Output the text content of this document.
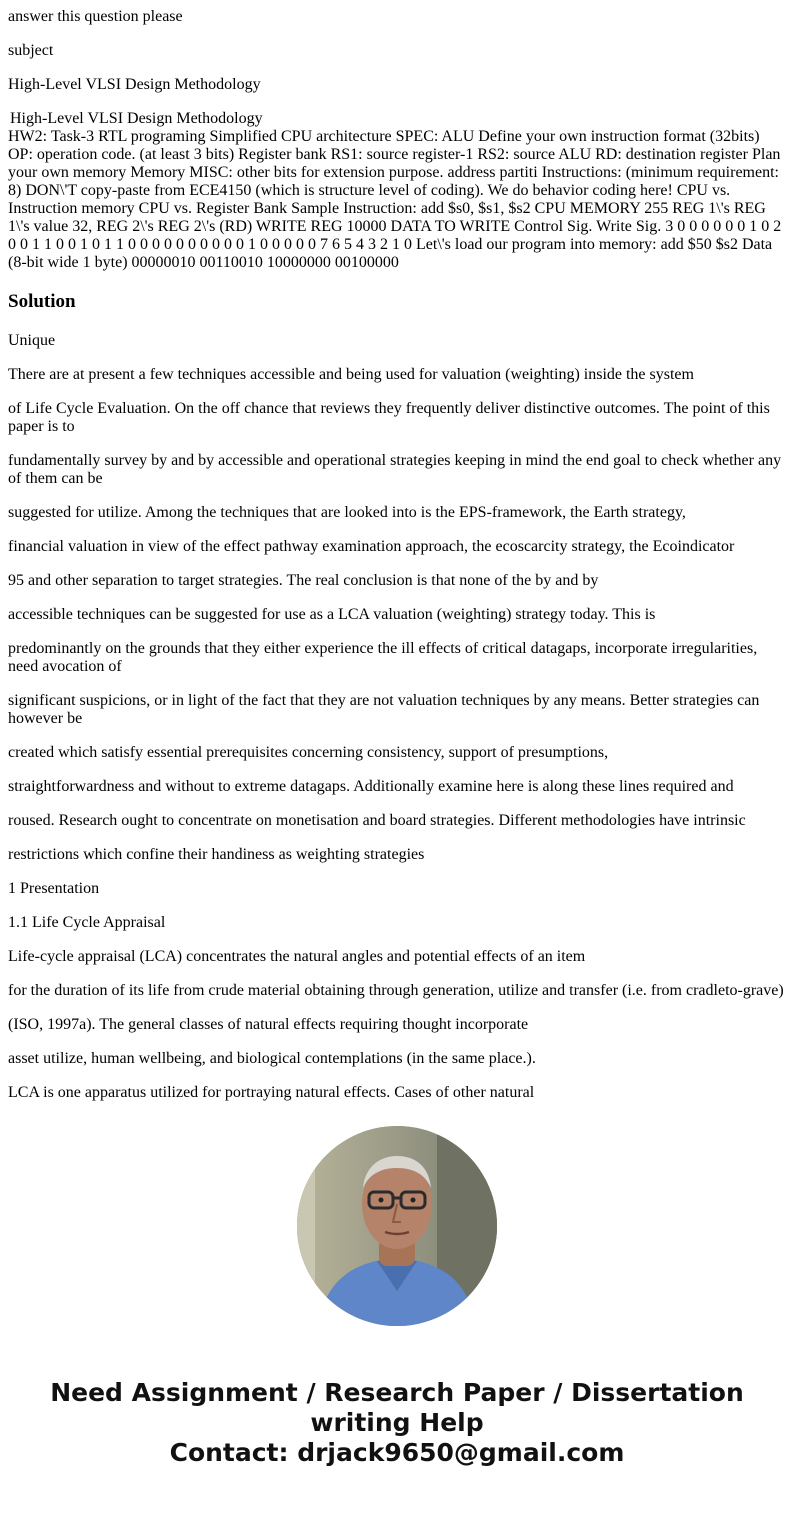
answer this question please

subject

High-Level VLSI Design Methodology

High-Level VLSI Design Methodology

HW2: Task-3 RTL programing Simplified CPU architecture SPEC: ALU Define your own instruction format (32bits) OP: operation code. (at least 3 bits) Register bank RS1: source register-1 RS2: source ALU RD: destination register Plan your own memory Memory MISC: other bits for extension purpose. address partiti Instructions: (minimum requirement: 8) DON\'T copy-paste from ECE4150 (which is structure level of coding). We do behavior coding here! CPU vs. Instruction memory CPU vs. Register Bank Sample Instruction: add $s0, $s1, $s2 CPU MEMORY 255 REG 1\'s REG 1\'s value 32, REG 2\'s REG 2\'s (RD) WRITE REG 10000 DATA TO WRITE Control Sig. Write Sig. 3 0 0 0 0 0 0 1 0 2 0 0 1 1 0 0 1 0 1 1 0 0 0 0 0 0 0 0 0 0 1 0 0 0 0 0 7 6 5 4 3 2 1 0 Let\'s load our program into memory: add $50 $s2 Data (8-bit wide 1 byte) 00000010 00110010 10000000 00100000

Solution

Unique

There are at present a few techniques accessible and being used for valuation (weighting) inside the system

of Life Cycle Evaluation. On the off chance that reviews they frequently deliver distinctive outcomes. The point of this paper is to

fundamentally survey by and by accessible and operational strategies keeping in mind the end goal to check whether any of them can be

suggested for utilize. Among the techniques that are looked into is the EPS-framework, the Earth strategy,

financial valuation in view of the effect pathway examination approach, the ecoscarcity strategy, the Ecoindicator

95 and other separation to target strategies. The real conclusion is that none of the by and by

accessible techniques can be suggested for use as a LCA valuation (weighting) strategy today. This is

predominantly on the grounds that they either experience the ill effects of critical datagaps, incorporate irregularities, need avocation of

significant suspicions, or in light of the fact that they are not valuation techniques by any means. Better strategies can however be

created which satisfy essential prerequisites concerning consistency, support of presumptions,

straightforwardness and without to extreme datagaps. Additionally examine here is along these lines required and

roused. Research ought to concentrate on monetisation and board strategies. Different methodologies have intrinsic

restrictions which confine their handiness as weighting strategies

1 Presentation

1.1 Life Cycle Appraisal

Life-cycle appraisal (LCA) concentrates the natural angles and potential effects of an item

for the duration of its life from crude material obtaining through generation, utilize and transfer (i.e. from cradleto-grave)

(ISO, 1997a). The general classes of natural effects requiring thought incorporate

asset utilize, human wellbeing, and biological contemplations (in the same place.).

LCA is one apparatus utilized for portraying natural effects. Cases of other natural

Need Assignment / Research Paper / Dissertation
writing Help
Contact: drjack9650@gmail.com
